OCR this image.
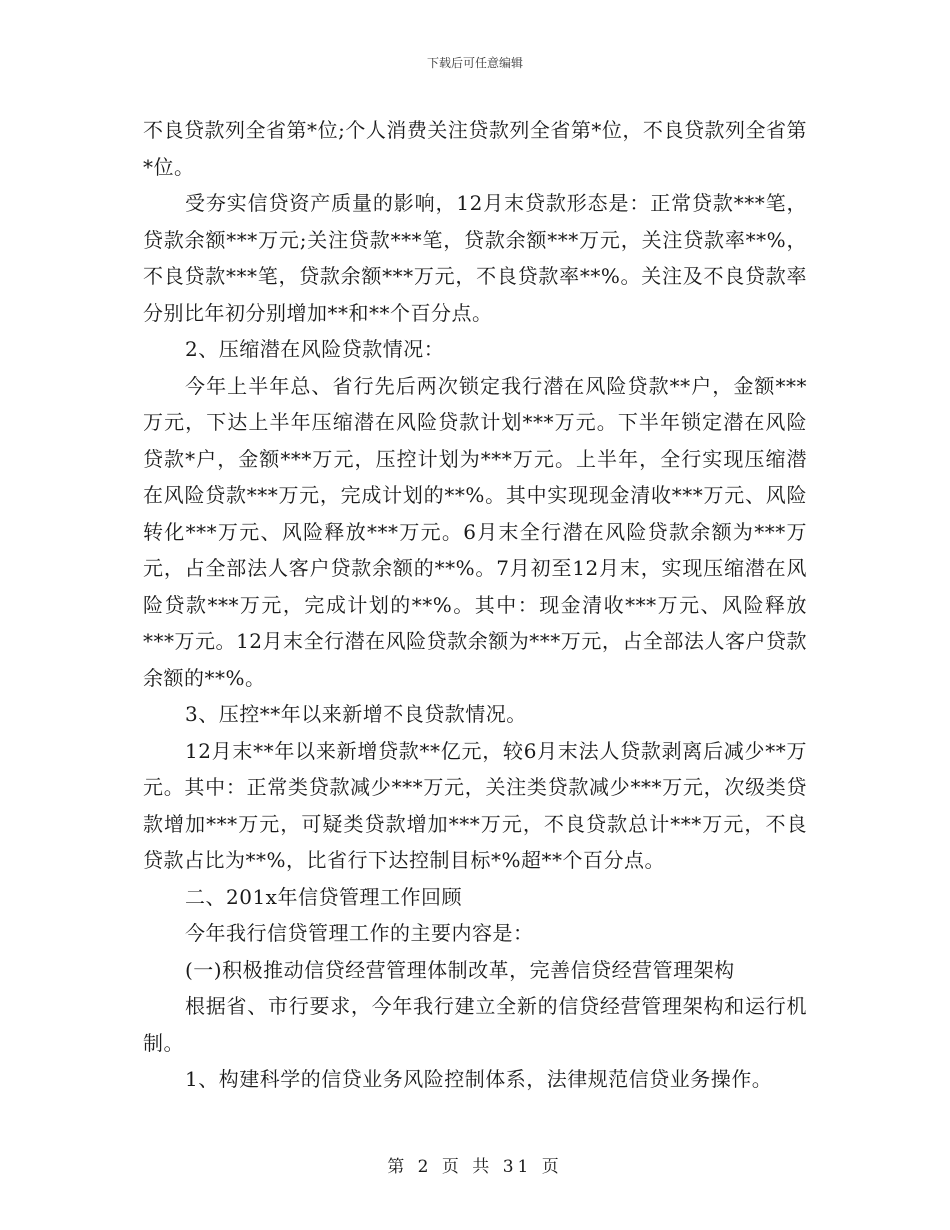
下载后可任意编辑

不良贷款列全省第*位;个人消费关注贷款列全省第*位，不良贷款列全省第*位。

受夯实信贷资产质量的影响，12月末贷款形态是：正常贷款***笔，贷款余额***万元;关注贷款***笔，贷款余额***万元，关注贷款率**%，不良贷款***笔，贷款余额***万元，不良贷款率**%。关注及不良贷款率分别比年初分别增加**和**个百分点。

2、压缩潜在风险贷款情况：

今年上半年总、省行先后两次锁定我行潜在风险贷款**户，金额***万元，下达上半年压缩潜在风险贷款计划***万元。下半年锁定潜在风险贷款*户，金额***万元，压控计划为***万元。上半年，全行实现压缩潜在风险贷款***万元，完成计划的**%。其中实现现金清收***万元、风险转化***万元、风险释放***万元。6月末全行潜在风险贷款余额为***万元，占全部法人客户贷款余额的**%。7月初至12月末，实现压缩潜在风险贷款***万元，完成计划的**%。其中：现金清收***万元、风险释放***万元。12月末全行潜在风险贷款余额为***万元，占全部法人客户贷款余额的**%。

3、压控**年以来新增不良贷款情况。

12月末**年以来新增贷款**亿元，较6月末法人贷款剥离后减少**万元。其中：正常类贷款减少***万元，关注类贷款减少***万元，次级类贷款增加***万元，可疑类贷款增加***万元，不良贷款总计***万元，不良贷款占比为**%，比省行下达控制目标*%超**个百分点。

二、201x年信贷管理工作回顾

今年我行信贷管理工作的主要内容是：

(一)积极推动信贷经营管理体制改革，完善信贷经营管理架构

根据省、市行要求，今年我行建立全新的信贷经营管理架构和运行机制。

1、构建科学的信贷业务风险控制体系，法律规范信贷业务操作。

第 2 页 共 31 页
